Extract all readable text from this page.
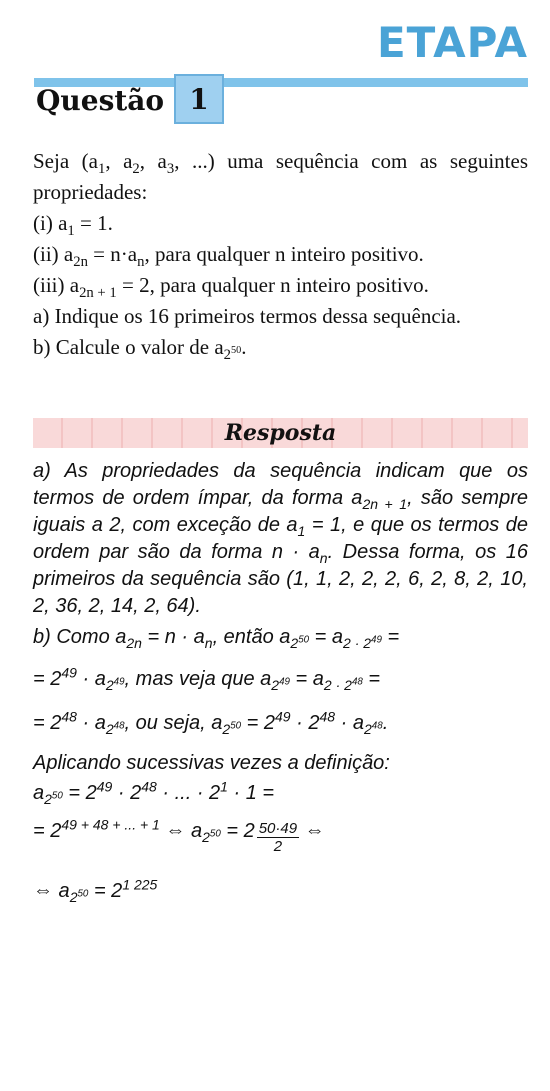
ETAPA
Questão 1

Seja ($a_1$, $a_2$, $a_3$, ...) uma sequência com as seguintes propriedades:

(i) $a_1 = 1$.

(ii) $a_{2n} = n\cdot a_n$, para qualquer n inteiro positivo.

(iii) $a_{2n + 1} = 2$, para qualquer n inteiro positivo.

a) Indique os 16 primeiros termos dessa sequência.

b) Calcule o valor de $a_{2^{50}}$.

Resposta

a) As propriedades da sequência indicam que os termos de ordem ímpar, da forma $a_{2n + 1}$, são sempre iguais a 2, com exceção de $a_1 = 1$, e que os termos de ordem par são da forma $n \cdot a_n$. Dessa forma, os 16 primeiros da sequência são (1, 1, 2, 2, 2, 6, 2, 8, 2, 10, 2, 36, 2, 14, 2, 64).

b) Como $a_{2n} = n \cdot a_n$, então $a_{2^{50}} = a_{2 \cdot 2^{49}}$ =
= $2^{49} \cdot a_{2^{49}}$, mas veja que $a_{2^{49}} = a_{2 \cdot 2^{48}}$ =
= $2^{48} \cdot a_{2^{48}}$, ou seja, $a_{2^{50}} = 2^{49} \cdot 2^{48} \cdot a_{2^{48}}$.
Aplicando sucessivas vezes a definição:
$a_{2^{50}} = 2^{49} \cdot 2^{48}$ · ... · $2^1 \cdot 1$ =
= $2^{49 + 48 + ... + 1}$ ⇔ $a_{2^{50}} = 2 \frac{50\cdot 49}{2}$ ⇔
⇔ $a_{2^{50}} = 2^{1 225}$
